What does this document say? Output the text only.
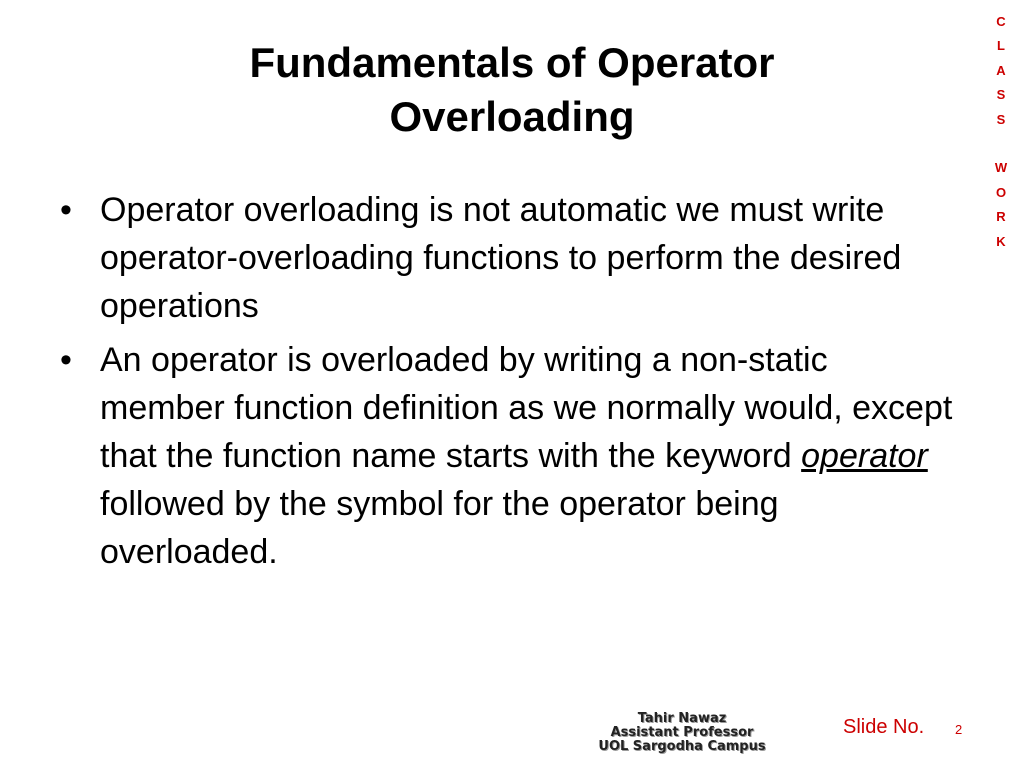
Fundamentals of Operator
Overloading
C
L
A
S
S
W
O
R
K
• Operator overloading is not automatic we must write operator-overloading functions to perform the desired operations
• An operator is overloaded by writing a non-static member function definition as we normally would, except that the function name starts with the keyword operator followed by the symbol for the operator being overloaded.
Tahir Nawaz
Assistant Professor
UOL Sargodha Campus
Slide No. 2
